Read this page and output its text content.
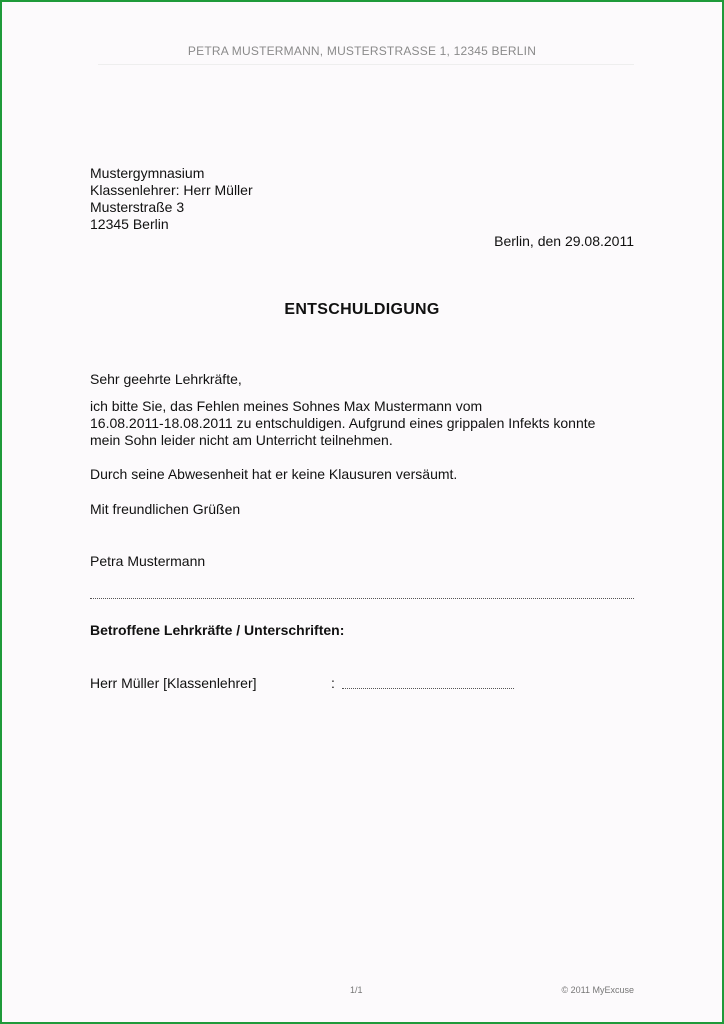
PETRA MUSTERMANN, MUSTERSTRASSE 1, 12345 BERLIN
Mustergymnasium
Klassenlehrer: Herr Müller
Musterstraße 3
12345 Berlin
Berlin, den 29.08.2011
ENTSCHULDIGUNG
Sehr geehrte Lehrkräfte,
ich bitte Sie, das Fehlen meines Sohnes Max Mustermann vom
16.08.2011-18.08.2011 zu entschuldigen. Aufgrund eines grippalen Infekts konnte
mein Sohn leider nicht am Unterricht teilnehmen.
Durch seine Abwesenheit hat er keine Klausuren versäumt.
Mit freundlichen Grüßen
Petra Mustermann
Betroffene Lehrkräfte / Unterschriften:
Herr Müller [Klassenlehrer]	:
1/1	© 2011 MyExcuse
